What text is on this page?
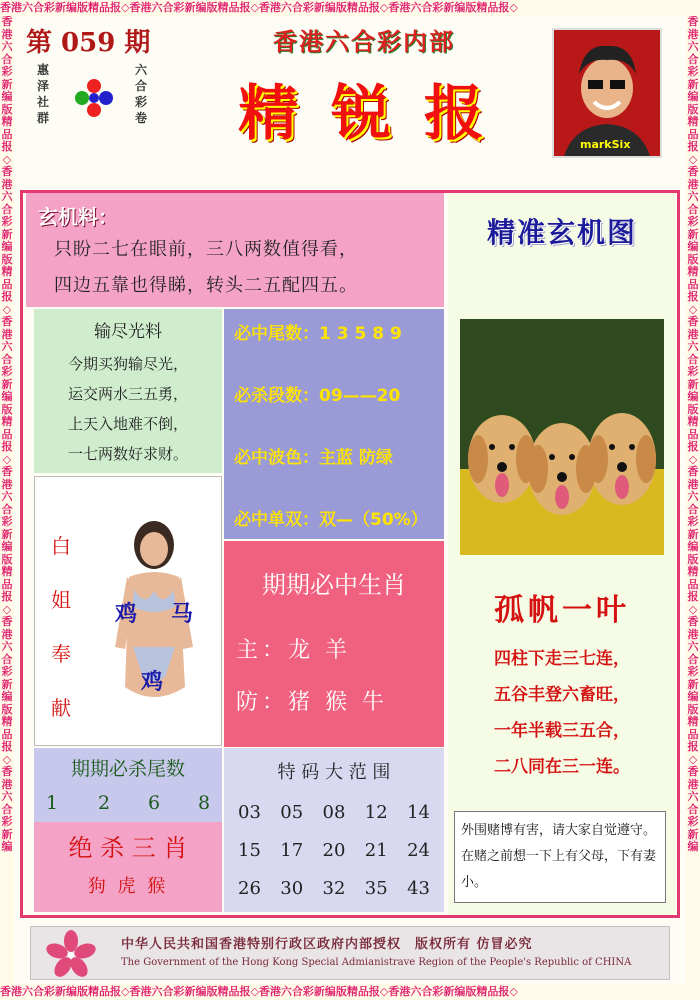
香港六合彩新编版精品报◇香港六合彩新编版精品报◇香港六合彩新编版精品报◇香港六合彩新编版精品报◇
香港六合彩新编版精品报◇香港六合彩新编版精品报◇香港六合彩新编版精品报◇香港六合彩新编版精品报◇
香港六合彩新编版精品报◇香港六合彩新编版精品报◇香港六合彩新编版精品报◇香港六合彩新编版精品报◇香港六合彩新编版精品报◇香港六合彩新编
香港六合彩新编版精品报◇香港六合彩新编版精品报◇香港六合彩新编版精品报◇香港六合彩新编版精品报◇香港六合彩新编版精品报◇香港六合彩新编
第 059 期
惠
泽
社
群
六
合
彩
卷
香港六合彩内部
精 锐 报	markSix
玄机料：
只盼二七在眼前，三八两数值得看，
四边五靠也得睇，转头二五配四五。
输尽光料
今期买狗输尽光，
运交两水三五勇，
上天入地难不倒，
一七两数好求财。
必中尾数：1 3 5 8 9
必杀段数：09——20
必中波色：主蓝 防绿
必中单双：双—（50%）
白
姐
奉
献
鸡 马
鸡
期期必中生肖
主：龙 羊
防：猪 猴 牛
期期必杀尾数
1 2 6 8
绝 杀 三 肖
狗 虎 猴
特 码 大 范 围
03 05 08 12 14
15 17 20 21 24
26 30 32 35 43
精准玄机图
孤帆一叶
四柱下走三七连，
五谷丰登六畜旺，
一年半载三五合，
二八同在三一连。
外围赌博有害，请大家自觉遵守。在赌之前想一下上有父母，下有妻小。
中华人民共和国香港特别行政区政府内部授权　版权所有 仿冒必究
The Government of the Hong Kong Special Admianistrave Region of the People's Republic of CHINA
